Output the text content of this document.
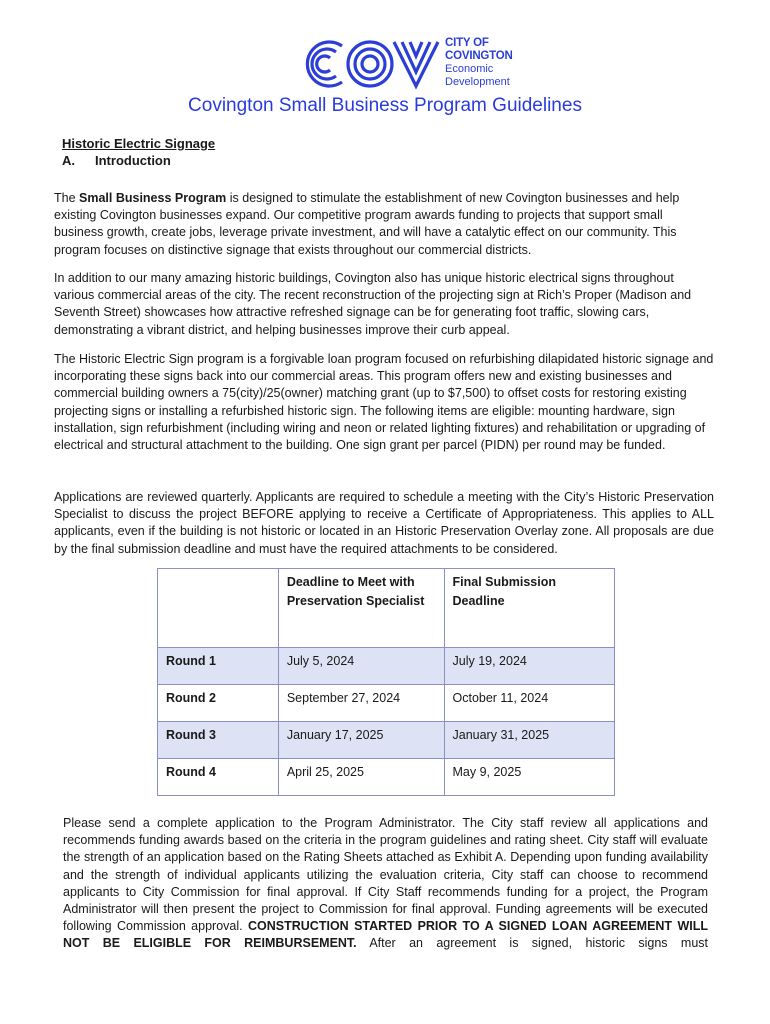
CITY OF
COVINGTON
Economic
Development
Covington Small Business Program Guidelines
Historic Electric Signage
A. Introduction

The Small Business Program is designed to stimulate the establishment of new Covington businesses and help existing Covington businesses expand. Our competitive program awards funding to projects that support small business growth, create jobs, leverage private investment, and will have a catalytic effect on our community. This program focuses on distinctive signage that exists throughout our commercial districts.

In addition to our many amazing historic buildings, Covington also has unique historic electrical signs throughout various commercial areas of the city. The recent reconstruction of the projecting sign at Rich’s Proper (Madison and Seventh Street) showcases how attractive refreshed signage can be for generating foot traffic, slowing cars, demonstrating a vibrant district, and helping businesses improve their curb appeal.

The Historic Electric Sign program is a forgivable loan program focused on refurbishing dilapidated historic signage and incorporating these signs back into our commercial areas. This program offers new and existing businesses and commercial building owners a 75(city)/25(owner) matching grant (up to $7,500) to offset costs for restoring existing projecting signs or installing a refurbished historic sign. The following items are eligible: mounting hardware, sign installation, sign refurbishment (including wiring and neon or related lighting fixtures) and rehabilitation or upgrading of electrical and structural attachment to the building. One sign grant per parcel (PIDN) per round may be funded.

Applications are reviewed quarterly. Applicants are required to schedule a meeting with the City’s Historic Preservation Specialist to discuss the project BEFORE applying to receive a Certificate of Appropriateness. This applies to ALL applicants, even if the building is not historic or located in an Historic Preservation Overlay zone. All proposals are due by the final submission deadline and must have the required attachments to be considered.

	Deadline to Meet with Preservation Specialist	Final Submission Deadline
Round 1	July 5, 2024	July 19, 2024
Round 2	September 27, 2024	October 11, 2024
Round 3	January 17, 2025	January 31, 2025
Round 4	April 25, 2025	May 9, 2025

Please send a complete application to the Program Administrator. The City staff review all applications and recommends funding awards based on the criteria in the program guidelines and rating sheet. City staff will evaluate the strength of an application based on the Rating Sheets attached as Exhibit A. Depending upon funding availability and the strength of individual applicants utilizing the evaluation criteria, City staff can choose to recommend applicants to City Commission for final approval. If City Staff recommends funding for a project, the Program Administrator will then present the project to Commission for final approval. Funding agreements will be executed following Commission approval. CONSTRUCTION STARTED PRIOR TO A SIGNED LOAN AGREEMENT WILL NOT BE ELIGIBLE FOR REIMBURSEMENT. After an agreement is signed, historic signs must
